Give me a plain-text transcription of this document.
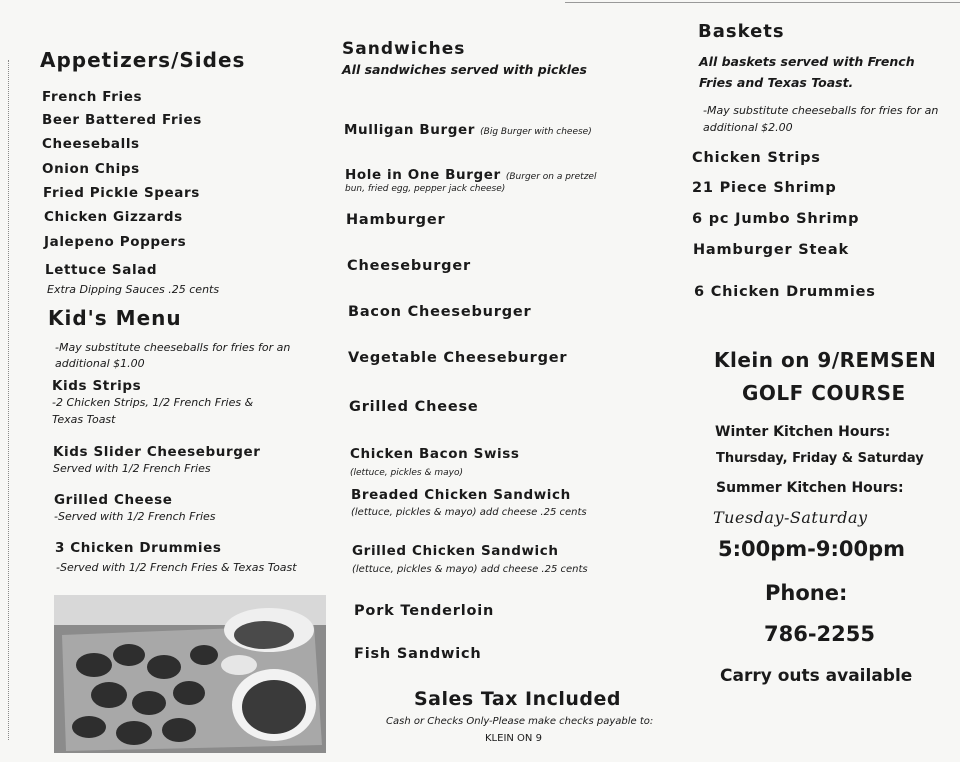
Appetizers/Sides
French Fries
Beer Battered Fries
Cheeseballs
Onion Chips
Fried Pickle Spears
Chicken Gizzards
Jalepeno Poppers
Lettuce Salad
Extra Dipping Sauces .25 cents
Kid's Menu
-May substitute cheeseballs for fries for an
additional $1.00
Kids Strips
-2 Chicken Strips, 1/2 French Fries &
Texas Toast
Kids Slider Cheeseburger
Served with 1/2 French Fries
Grilled Cheese
-Served with 1/2 French Fries
3 Chicken Drummies
-Served with 1/2 French Fries & Texas Toast
Sandwiches
All sandwiches served with pickles
Mulligan Burger (Big Burger with cheese)
Hole in One Burger (Burger on a pretzel
bun, fried egg, pepper jack cheese)
Hamburger
Cheeseburger
Bacon Cheeseburger
Vegetable Cheeseburger
Grilled Cheese
Chicken Bacon Swiss
(lettuce, pickles & mayo)
Breaded Chicken Sandwich
(lettuce, pickles & mayo) add cheese .25 cents
Grilled Chicken Sandwich
(lettuce, pickles & mayo) add cheese .25 cents
Pork Tenderloin
Fish Sandwich
Sales Tax Included
Cash or Checks Only-Please make checks payable to:
KLEIN ON 9
Baskets
All baskets served with French
Fries and Texas Toast.
-May substitute cheeseballs for fries for an
additional $2.00
Chicken Strips
21 Piece Shrimp
6 pc Jumbo Shrimp
Hamburger Steak
6 Chicken Drummies
Klein on 9/REMSEN
GOLF COURSE
Winter Kitchen Hours:
Thursday, Friday & Saturday
Summer Kitchen Hours:
Tuesday-Saturday
5:00pm-9:00pm
Phone:
786-2255
Carry outs available
